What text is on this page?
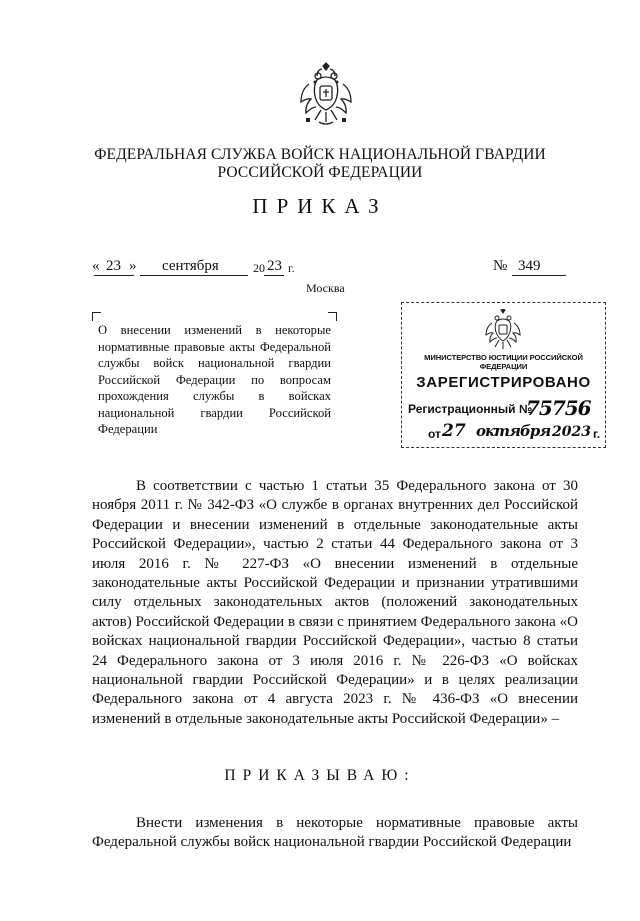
ФЕДЕРАЛЬНАЯ СЛУЖБА ВОЙСК НАЦИОНАЛЬНОЙ ГВАРДИИ
РОССИЙСКОЙ ФЕДЕРАЦИИ
ПРИКАЗ
« 23 » сентября	20 23 г.	№ 349
Москва
О внесении изменений в некоторые нормативные правовые акты Федеральной службы войск национальной гвардии Российской Федерации по вопросам прохождения службы в войсках национальной гвардии Российской Федерации
МИНИСТЕРСТВО ЮСТИЦИИ РОССИЙСКОЙ ФЕДЕРАЦИИ
ЗАРЕГИСТРИРОВАНО
Регистрационный №
75756
от 27 октября 2023 г.

В соответствии с частью 1 статьи 35 Федерального закона от 30 ноября 2011 г. № 342-ФЗ «О службе в органах внутренних дел Российской Федерации и внесении изменений в отдельные законодательные акты Российской Федерации», частью 2 статьи 44 Федерального закона от 3 июля 2016 г. № 227-ФЗ «О внесении изменений в отдельные законодательные акты Российской Федерации и признании утратившими силу отдельных законодательных актов (положений законодательных актов) Российской Федерации в связи с принятием Федерального закона «О войсках национальной гвардии Российской Федерации», частью 8 статьи 24 Федерального закона от 3 июля 2016 г. № 226-ФЗ «О войсках национальной гвардии Российской Федерации» и в целях реализации Федерального закона от 4 августа 2023 г. № 436-ФЗ «О внесении изменений в отдельные законодательные акты Российской Федерации» –

ПРИКАЗЫВАЮ:

Внести изменения в некоторые нормативные правовые акты Федеральной службы войск национальной гвардии Российской Федерации
